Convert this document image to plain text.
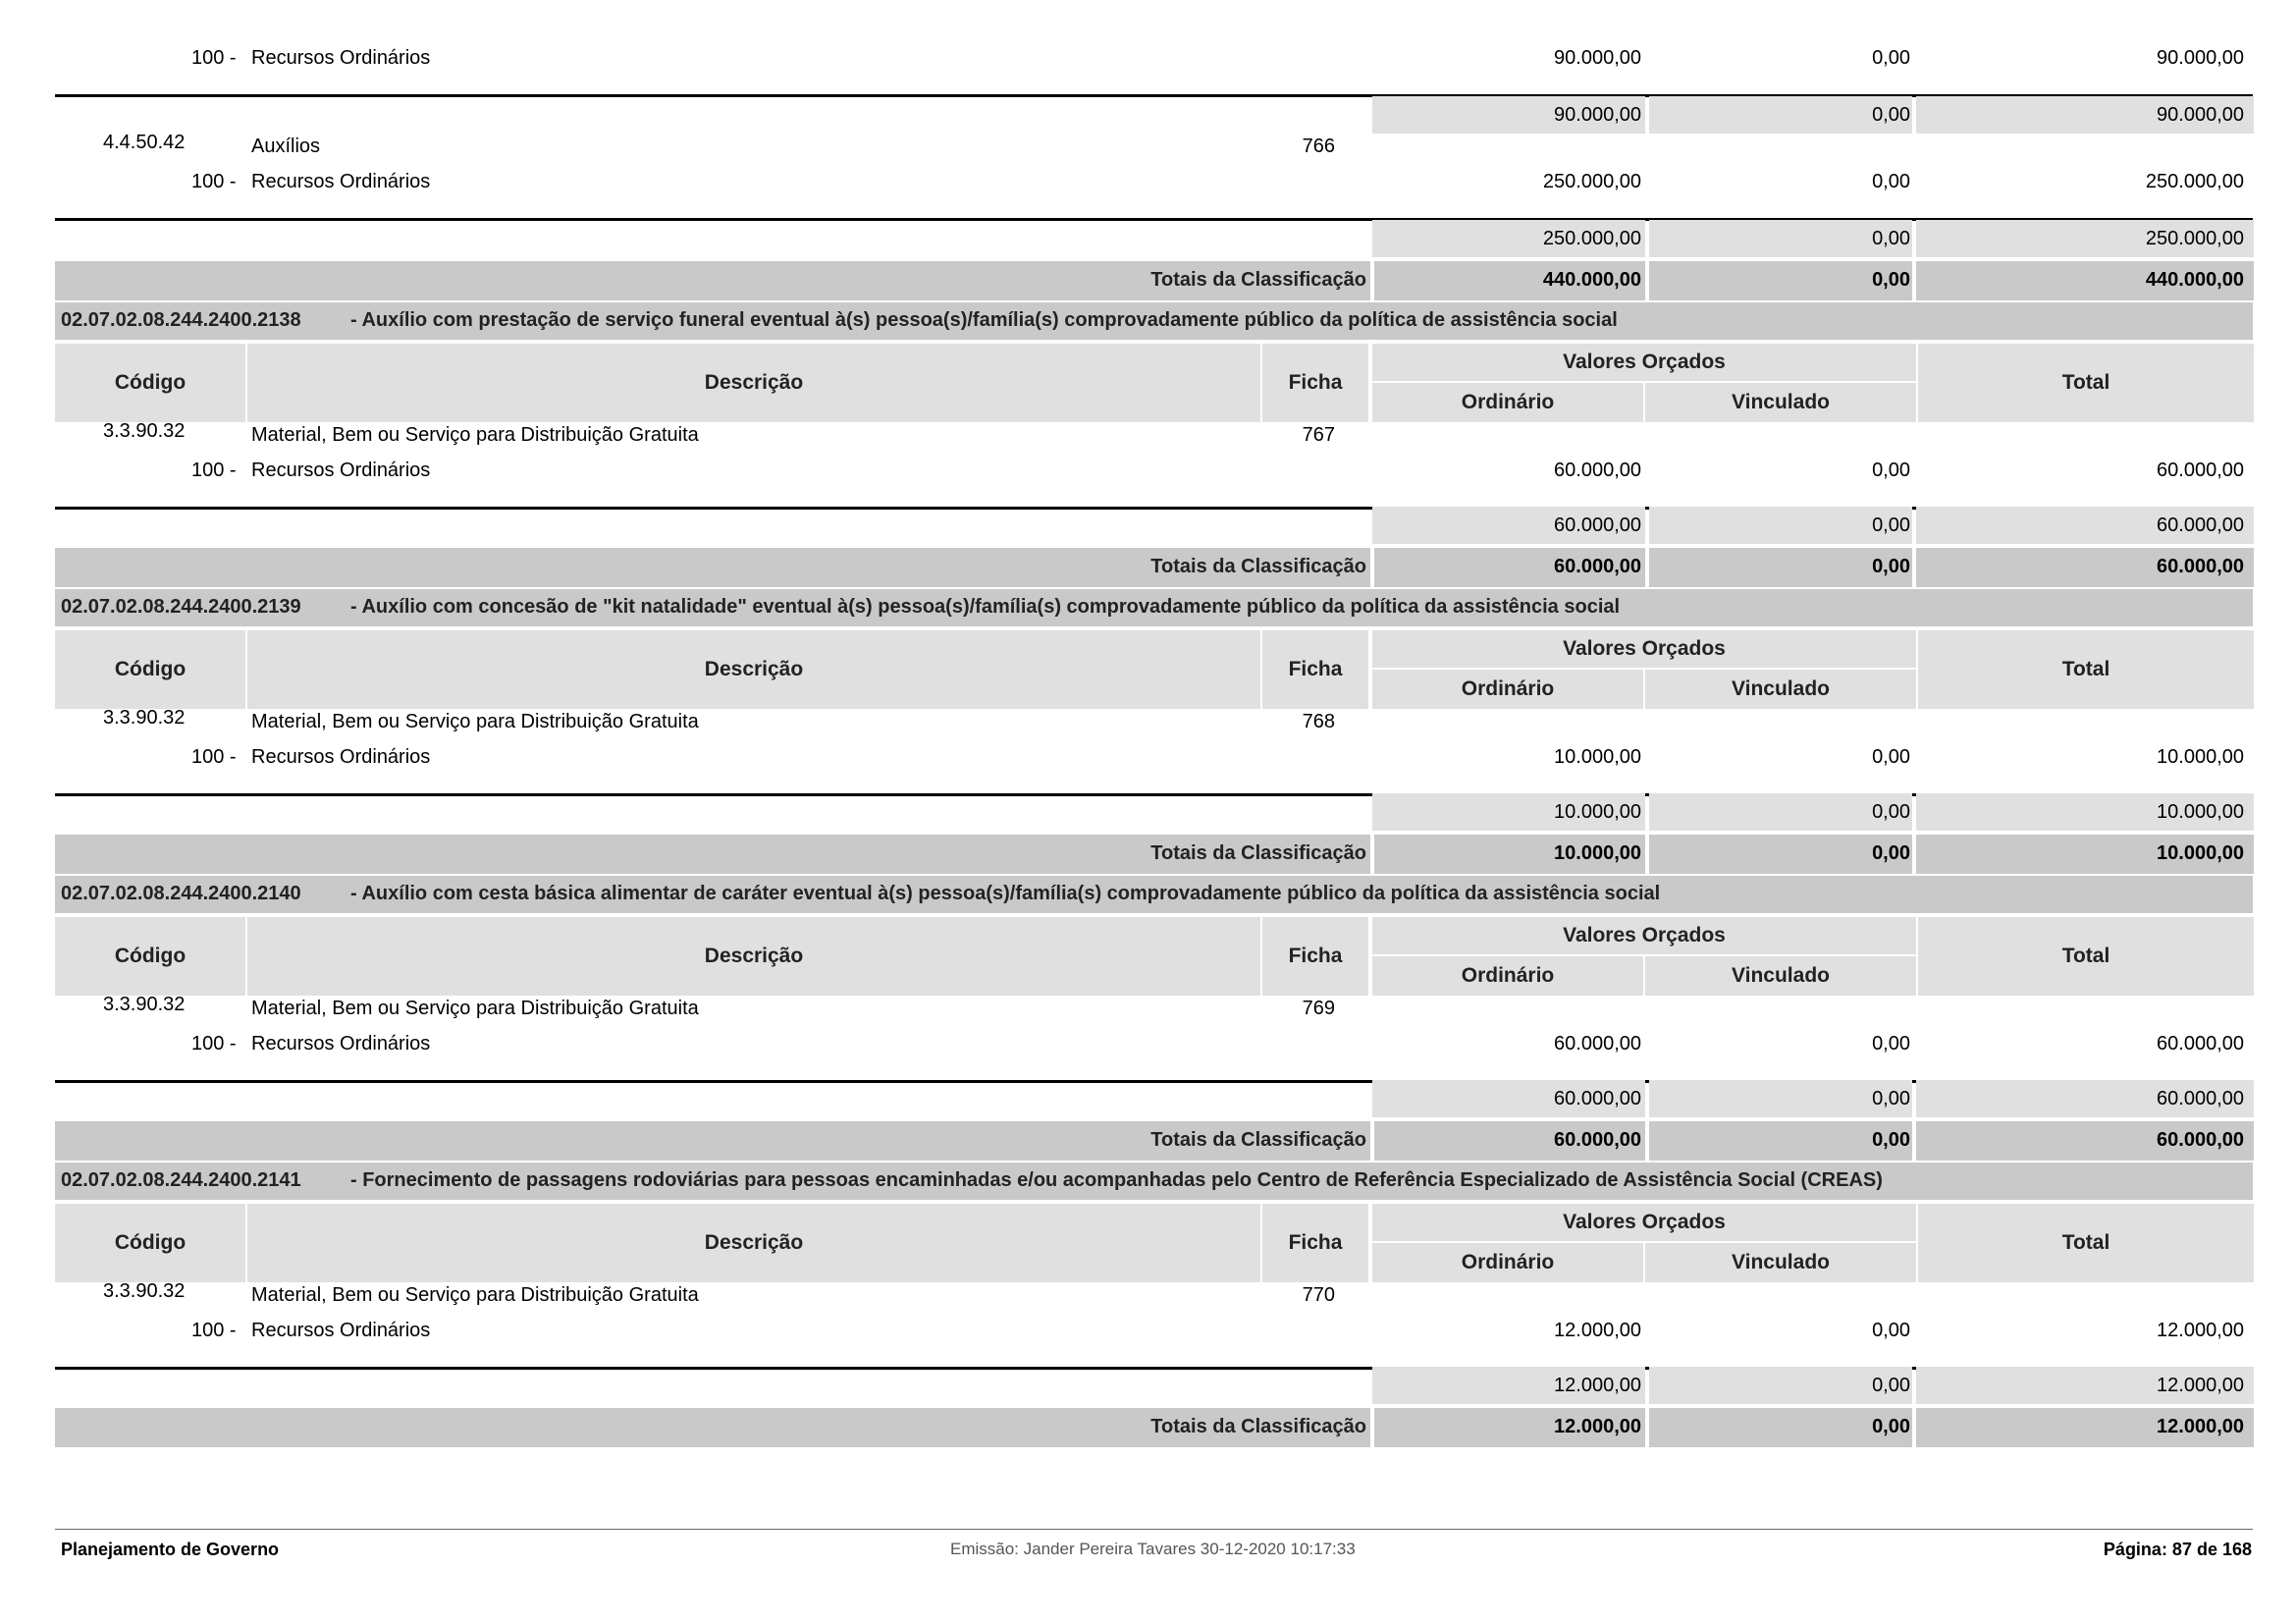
100 - Recursos Ordinários	90.000,00	0,00	90.000,00
90.000,00	0,00	90.000,00
4.4.50.42	Auxílios	766
100 - Recursos Ordinários	250.000,00	0,00	250.000,00
250.000,00	0,00	250.000,00
Totais da Classificação	440.000,00	0,00	440.000,00
02.07.02.08.244.2400.2138	- Auxílio com prestação de serviço funeral eventual à(s) pessoa(s)/família(s) comprovadamente público da política de assistência social
Código	Descrição	Ficha
Valores Orçados
Ordinário	Vinculado
Total
3.3.90.32	Material, Bem ou Serviço para Distribuição Gratuita	767
100 - Recursos Ordinários	60.000,00	0,00	60.000,00
60.000,00	0,00	60.000,00
Totais da Classificação	60.000,00	0,00	60.000,00
02.07.02.08.244.2400.2139	- Auxílio com concesão de "kit natalidade" eventual à(s) pessoa(s)/família(s) comprovadamente público da política da assistência social
Código	Descrição	Ficha
Valores Orçados
Ordinário	Vinculado
Total
3.3.90.32	Material, Bem ou Serviço para Distribuição Gratuita	768
100 - Recursos Ordinários	10.000,00	0,00	10.000,00
10.000,00	0,00	10.000,00
Totais da Classificação	10.000,00	0,00	10.000,00
02.07.02.08.244.2400.2140	- Auxílio com cesta básica alimentar de caráter eventual à(s) pessoa(s)/família(s) comprovadamente público da política da assistência social
Código	Descrição	Ficha
Valores Orçados
Ordinário	Vinculado
Total
3.3.90.32	Material, Bem ou Serviço para Distribuição Gratuita	769
100 - Recursos Ordinários	60.000,00	0,00	60.000,00
60.000,00	0,00	60.000,00
Totais da Classificação	60.000,00	0,00	60.000,00
02.07.02.08.244.2400.2141	- Fornecimento de passagens rodoviárias para pessoas encaminhadas e/ou acompanhadas pelo Centro de Referência Especializado de Assistência Social (CREAS)
Código	Descrição	Ficha
Valores Orçados
Ordinário	Vinculado
Total
3.3.90.32	Material, Bem ou Serviço para Distribuição Gratuita	770
100 - Recursos Ordinários	12.000,00	0,00	12.000,00
12.000,00	0,00	12.000,00
Totais da Classificação	12.000,00	0,00	12.000,00
Planejamento de Governo	Emissão: Jander Pereira Tavares 30-12-2020 10:17:33	Página: 87 de 168
